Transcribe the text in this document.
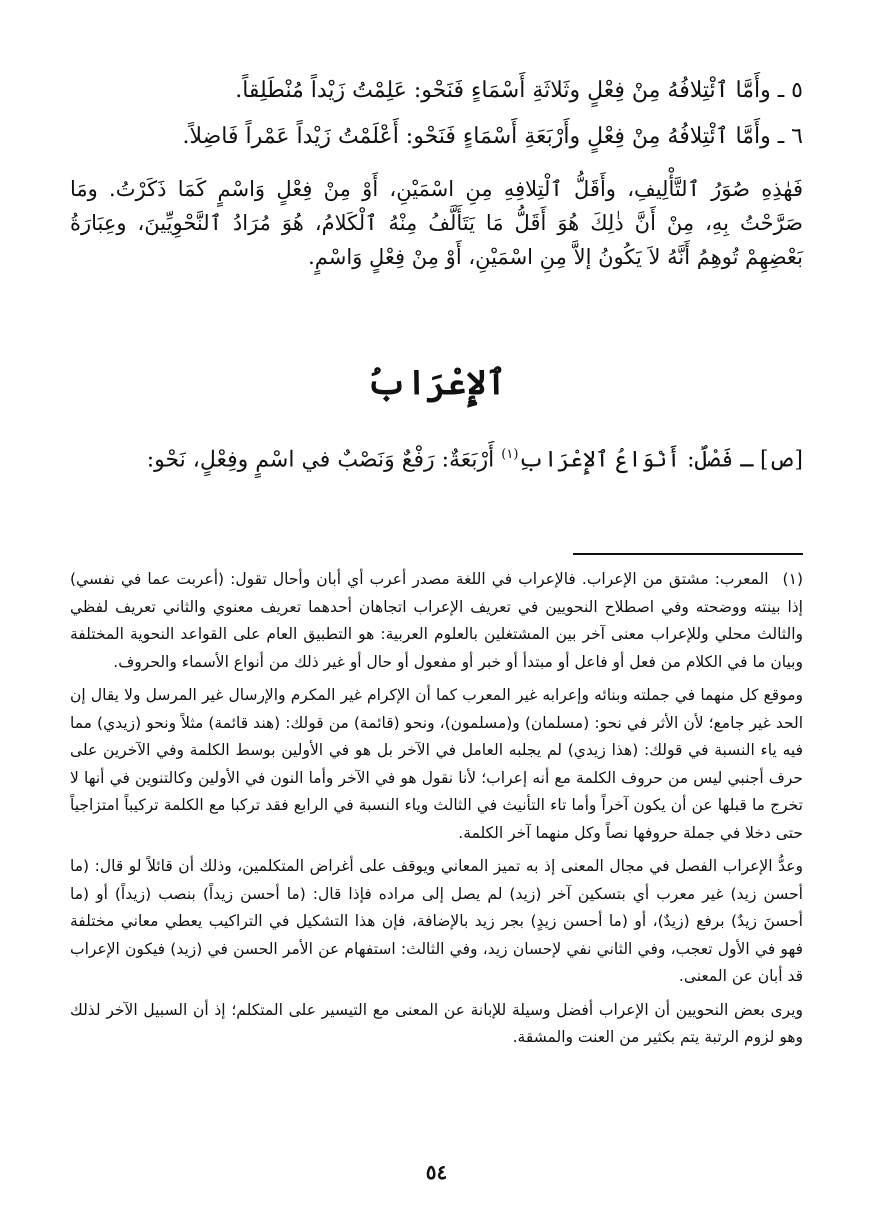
٥ ـ وأَمَّا ٱئْتِلافُهُ مِنْ فِعْلٍ وثَلاثَةِ أَسْمَاءٍ فَنَحْو: عَلِمْتُ زَيْداً مُنْطَلِقاً.
٦ ـ وأَمَّا ٱئْتِلافُهُ مِنْ فِعْلٍ وأَرْبَعَةِ أَسْمَاءٍ فَنَحْو: أَعْلَمْتُ زَيْداً عَمْراً فَاضِلاً.
فَهٰذِهِ صُوَرُ ٱلتَّأْلِيفِ، وأَقَلُّ ٱلْتِلافِهِ مِنِ اسْمَيْنِ، أَوْ مِنْ فِعْلٍ وَاسْمٍ كَمَا ذَكَرْتُ. ومَا صَرَّحْتُ بِهِ، مِنْ أَنَّ ذٰلِكَ هُوَ أَقَلُّ مَا يَتَأَلَّفُ مِنْهُ ٱلْكَلامُ، هُوَ مُرَادُ ٱلنَّحْوِيِّينَ، وعِبَارَةُ بَعْضِهِمْ تُوهِمُ أَنَّهُ لاَ يَكُونُ إلاَّ مِنِ اسْمَيْنِ، أَوْ مِنْ فِعْلٍ وَاسْمٍ.
ٱلإِعْرَابُ
[ص] ـ فَصْلٌ: أَنْوَاعُ ٱلإِعْرَابِ$^{(١)}$ أَرْبَعَةٌ: رَفْعٌ وَنَصْبٌ في اسْمٍ وفِعْلٍ، نَحْو:

(١)المعرب: مشتق من الإعراب. فالإعراب في اللغة مصدر أعرب أي أبان وأحال تقول: (أعربت عما في نفسي) إذا بينته ووضحته وفي اصطلاح النحويين في تعريف الإعراب اتجاهان أحدهما تعريف معنوي والثاني تعريف لفظي والثالث محلي وللإعراب معنى آخر بين المشتغلين بالعلوم العربية: هو التطبيق العام على القواعد النحوية المختلفة وبيان ما في الكلام من فعل أو فاعل أو مبتدأ أو خبر أو مفعول أو حال أو غير ذلك من أنواع الأسماء والحروف.

وموقع كل منهما في جملته وبنائه وإعرابه غير المعرب كما أن الإكرام غير المكرم والإرسال غير المرسل ولا يقال إن الحد غير جامع؛ لأن الأثر في نحو: (مسلمان) و(مسلمون)، ونحو (قائمة) من قولك: (هند قائمة) مثلاً ونحو (زيدي) مما فيه ياء النسبة في قولك: (هذا زيدي) لم يجلبه العامل في الآخر بل هو في الأولين بوسط الكلمة وفي الآخرين على حرف أجنبي ليس من حروف الكلمة مع أنه إعراب؛ لأنا نقول هو في الآخر وأما النون في الأولين وكالتنوين في أنها لا تخرج ما قبلها عن أن يكون آخراً وأما تاء التأنيث في الثالث وياء النسبة في الرابع فقد تركبا مع الكلمة تركيباً امتزاجياً حتى دخلا في جملة حروفها نصاً وكل منهما آخر الكلمة.

وعدُّ الإعراب الفصل في مجال المعنى إذ به تميز المعاني ويوقف على أغراض المتكلمين، وذلك أن قائلاً لو قال: (ما أحسن زيد) غير معرب أي بتسكين آخر (زيد) لم يصل إلى مراده فإذا قال: (ما أحسن زيداً) بنصب (زيداً) أو (ما أحسنَ زيدٌ) برفع (زيدٌ)، أو (ما أحسن زيدٍ) بجر زيد بالإضافة، فإن هذا التشكيل في التراكيب يعطي معاني مختلفة فهو في الأول تعجب، وفي الثاني نفي لإحسان زيد، وفي الثالث: استفهام عن الأمر الحسن في (زيد) فيكون الإعراب قد أبان عن المعنى.

ويرى بعض النحويين أن الإعراب أفضل وسيلة للإبانة عن المعنى مع التيسير على المتكلم؛ إذ أن السبيل الآخر لذلك وهو لزوم الرتبة يتم بكثير من العنت والمشقة.

٥٤
